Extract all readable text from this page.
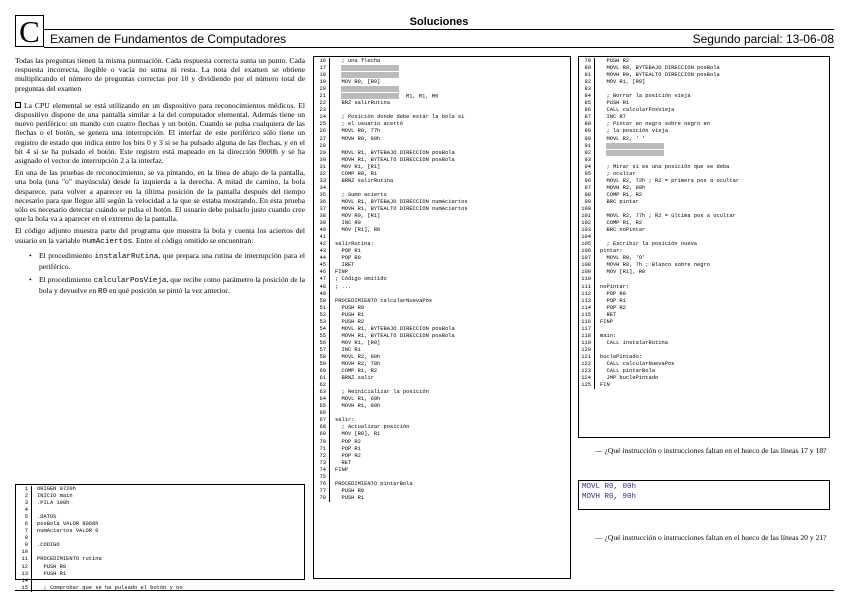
C	Soluciones
Examen de Fundamentos de Computadores	Segundo parcial: 13-06-08

Todas las preguntas tienen la misma puntuación. Cada respuesta correcta suma un punto. Cada respuesta incorrecta, ilegible o vacía no suma ni resta. La nota del examen se obtiene multiplicando el número de preguntas correctas por 10 y dividiendo por el número total de preguntas del examen

La CPU elemental se está utilizando en un dispositivo para reconocimientos médicos. El dispositivo dispone de una pantalla similar a la del computador elemental. Además tiene un nuevo periférico: un mando con cuatro flechas y un botón. Cuando se pulsa cualquiera de las flechas o el botón, se genera una interrupción. El interfaz de este periférico sólo tiene un registro de estado que indica entre los bits 0 y 3 si se ha pulsado alguna de las flechas, y en el bit 4 si se ha pulsado el botón. Este registro está mapeado en la dirección 9000h y se ha asignado el vector de interrupción 2 a la interfaz.

En una de las pruebas de reconocimiento, se va pintando, en la línea de abajo de la pantalla, una bola (una "o" mayúscula) desde la izquierda a la derecha. A mitad de camino, la bola desparece, para volver a aparecer en la última posición de la pantalla después del tiempo necesario para que llegue allí según la velocidad a la que se estaba mostrando. En esta prueba sólo es necesario detectar cuándo se pulsa el botón. El usuario debe pulsarlo justo cuando cree que la bola va a aparecer en el extremo de la pantalla.

El código adjunto muestra parte del programa que muestra la bola y cuenta los aciertos del usuario en la variable numAciertos. Entre el código omitido se encuentran:

• El procedimiento instalarRutina, que prepara una rutina de interrupción para el periférico.
• El procedimiento calcularPosVieja, que recibe como parámetro la posición de la bola y devuelve en R0 en qué posición se pintó la vez anterior.
1	ORIGEN 0720h
2	INICIO main
3	.PILA 100h
4
5	.DATOS
6	posBola VALOR 8068h
7	numAciertos VALOR 0
8
9	.CODIGO
10
11	PROCEDIMIENTO rutina
12	PUSH R0
13	PUSH R1
14
15	; Comprobar que se ha pulsado el botón y no
16	; una flecha
17

18

19	MOV R0, [R0]
20

21	R1, R1, R0
22	BRZ salirRutina
23
24	; Posición donde debe estar la bola si
25	; el usuario acertó
26	MOVL R0, 77h
27	MOVH R0, 80h
28
29	MOVL R1, BYTEBAJO DIRECCION posBola
30	MOVH R1, BYTEALTO DIRECCION posBola
31	MOV R1, [R1]
32	COMP R0, R1
33	BRNZ salirRutina
34
35	; Sumo acierto
36	MOVL R1, BYTEBAJO DIRECCION numAciertos
37	MOVH R1, BYTEALTO DIRECCION numAciertos
38	MOV R0, [R1]
39	INC R0
40	MOV [R1], R0
41
42	salirRutina:
43	POP R1
44	POP R0
45	IRET
46	FINP
47	; Código omitido
48	; ...
49
50	PROCEDIMIENTO calcularNuevaPos
51	PUSH R0
52	PUSH R1
53	PUSH R2
54	MOVL R1, BYTEBAJO DIRECCION posBola
55	MOVH R1, BYTEALTO DIRECCION posBola
56	MOV R1, [R0]
57	INC R1
58	MOVL R2, 80h
59	MOVH R2, 78h
60	COMP R1, R2
61	BRNZ salir
62
63	; Reinicializar la posición
64	MOVL R1, 69h
65	MOVH R1, 80h
66
67	salir:
68	; Actualizar posición
69	MOV [R0], R1
70	POP R2
71	POP R1
72	POP R2
73	RET
74	FINP
75
76	PROCEDIMIENTO pintarBola
77	PUSH R0
78	PUSH R1
79	PUSH R2
80	MOVL R0, BYTEBAJO DIRECCION posBola
81	MOVH R0, BYTEALTO DIRECCION posBola
82	MOV R1, [R0]
83
84	; Borrar la posición vieja
85	PUSH R1
86	CALL calcularPosVieja
87	INC R7
88	; Pintar en negro sobre negro en
89	; la posición vieja
90	MOVL R2, ' '
91

92

93
94	; Mirar si es una posición que se deba
95	; ocultar
96	MOVL R2, 72h ; R2 = primera pos a ocultar
97	MOVH R2, 80h
98	COMP R1, R2
99	BRC pintar
100
101	MOVL R2, 77h ; R2 = última pos a ocultar
102	COMP R1, R2
103	BRC noPintar
104
105	; Escribir la posición nueva
106	pintar:
107	MOVL R0, 'O'
108	MOVH R0, 7h ; Blanco sobre negro
109	MOV [R1], R0
110
111	noPintar:
112	POP R0
113	POP R1
114	POP R2
115	RET
116	FINP
117
118	main:
119	CALL instalarRutina
120
121	buclePintado:
122	CALL calcularNuevaPos
123	CALL pintarBola
124	JMP buclePintado
125	FIN
— ¿Qué instrucción o instrucciones faltan en el hueco de las líneas 17 y 18?
MOVL R0, 00h
MOVH R0, 90h
— ¿Qué instrucción o instrucciones faltan en el hueco de las líneas 20 y 21?
